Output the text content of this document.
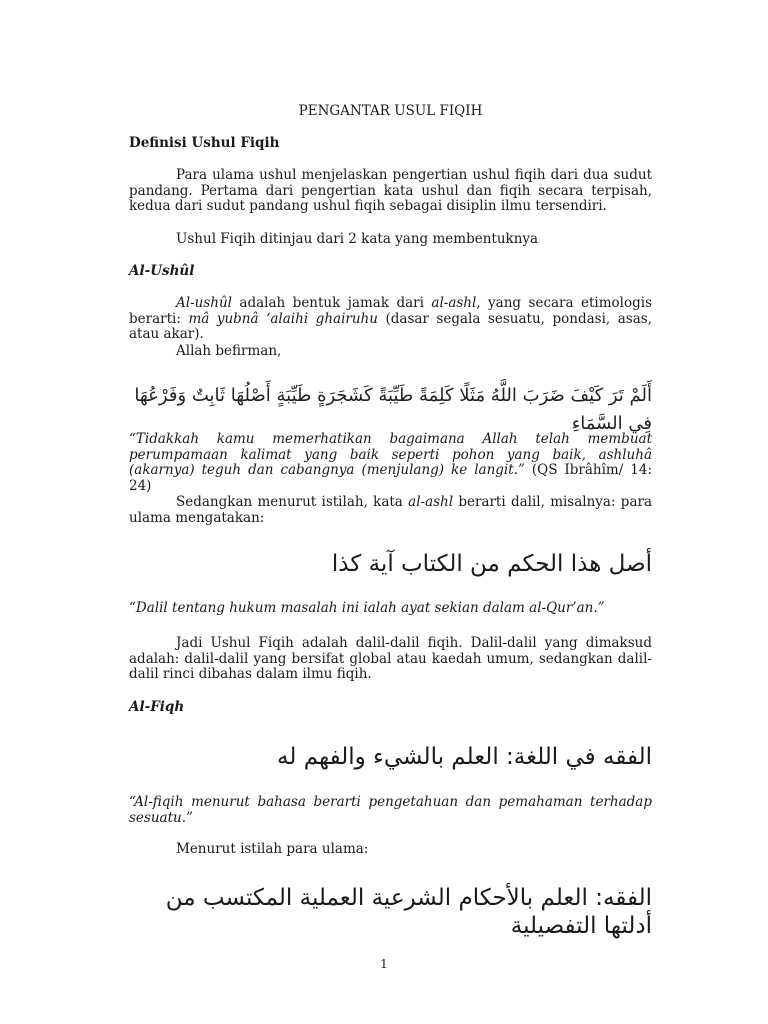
PENGANTAR USUL FIQIH

Definisi Ushul Fiqih

Para ulama ushul menjelaskan pengertian ushul fiqih dari dua sudut pandang. Pertama dari pengertian kata ushul dan fiqih secara terpisah, kedua dari sudut pandang ushul fiqih sebagai disiplin ilmu tersendiri.

Ushul Fiqih ditinjau dari 2 kata yang membentuknya

Al-Ushûl

Al-ushûl adalah bentuk jamak dari al-ashl, yang secara etimologis berarti: mâ yubnâ ‘alaihi ghairuhu (dasar segala sesuatu, pondasi, asas, atau akar).

Allah befirman,

أَلَمْ تَرَ كَيْفَ ضَرَبَ اللَّهُ مَثَلًا كَلِمَةً طَيِّبَةً كَشَجَرَةٍ طَيِّبَةٍ أَصْلُهَا ثَابِتٌ وَفَرْعُهَا فِي السَّمَاءِ

“Tidakkah kamu memerhatikan bagaimana Allah telah membuat perumpamaan kalimat yang baik seperti pohon yang baik, ashluhâ (akarnya) teguh dan cabangnya (menjulang) ke langit.” (QS Ibrâhîm/ 14: 24)

Sedangkan menurut istilah, kata al-ashl berarti dalil, misalnya: para ulama mengatakan:

أصل هذا الحكم من الكتاب آية كذا

“Dalil tentang hukum masalah ini ialah ayat sekian dalam al-Qur’an.”

Jadi Ushul Fiqih adalah dalil-dalil fiqih. Dalil-dalil yang dimaksud adalah: dalil-dalil yang bersifat global atau kaedah umum, sedangkan dalil-dalil rinci dibahas dalam ilmu fiqih.

Al-Fiqh

الفقه في اللغة: العلم بالشيء والفهم له

“Al-fiqih menurut bahasa berarti pengetahuan dan pemahaman terhadap sesuatu.”

Menurut istilah para ulama:

الفقه: العلم بالأحكام الشرعية العملية المكتسب من أدلتها التفصيلية

1
